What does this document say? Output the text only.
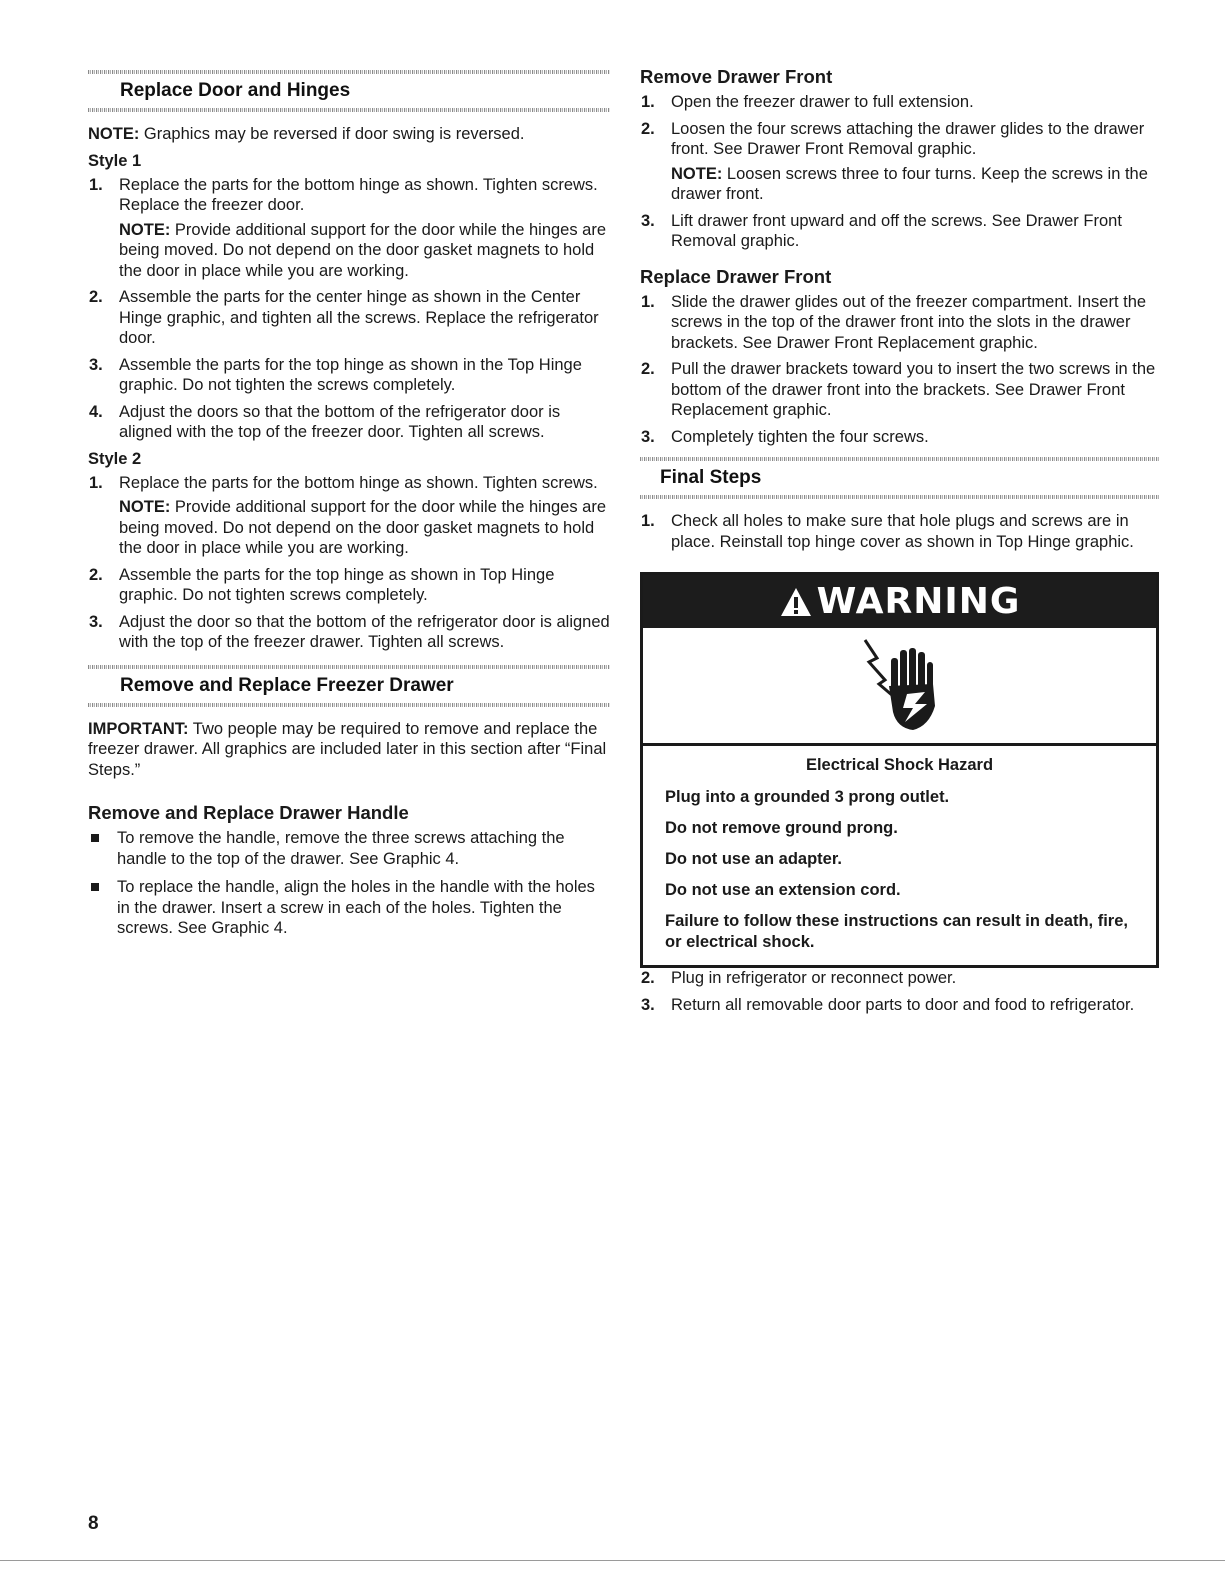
Replace Door and Hinges

NOTE: Graphics may be reversed if door swing is reversed.

Style 1
1. Replace the parts for the bottom hinge as shown. Tighten screws. Replace the freezer door.
NOTE: Provide additional support for the door while the hinges are being moved. Do not depend on the door gasket magnets to hold the door in place while you are working.
2. Assemble the parts for the center hinge as shown in the Center Hinge graphic, and tighten all the screws. Replace the refrigerator door.
3. Assemble the parts for the top hinge as shown in the Top Hinge graphic. Do not tighten the screws completely.
4. Adjust the doors so that the bottom of the refrigerator door is aligned with the top of the freezer door. Tighten all screws.
Style 2
1. Replace the parts for the bottom hinge as shown. Tighten screws.
NOTE: Provide additional support for the door while the hinges are being moved. Do not depend on the door gasket magnets to hold the door in place while you are working.
2. Assemble the parts for the top hinge as shown in Top Hinge graphic. Do not tighten screws completely.
3. Adjust the door so that the bottom of the refrigerator door is aligned with the top of the freezer drawer. Tighten all screws.
Remove and Replace Freezer Drawer

IMPORTANT: Two people may be required to remove and replace the freezer drawer. All graphics are included later in this section after “Final Steps.”

Remove and Replace Drawer Handle
To remove the handle, remove the three screws attaching the handle to the top of the drawer. See Graphic 4.
To replace the handle, align the holes in the handle with the holes in the drawer. Insert a screw in each of the holes. Tighten the screws. See Graphic 4.
Remove Drawer Front
1. Open the freezer drawer to full extension.
2. Loosen the four screws attaching the drawer glides to the drawer front. See Drawer Front Removal graphic.
NOTE: Loosen screws three to four turns. Keep the screws in the drawer front.
3. Lift drawer front upward and off the screws. See Drawer Front Removal graphic.
Replace Drawer Front
1. Slide the drawer glides out of the freezer compartment. Insert the screws in the top of the drawer front into the slots in the drawer brackets. See Drawer Front Replacement graphic.
2. Pull the drawer brackets toward you to insert the two screws in the bottom of the drawer front into the brackets. See Drawer Front Replacement graphic.
3. Completely tighten the four screws.
Final Steps
1. Check all holes to make sure that hole plugs and screws are in place. Reinstall top hinge cover as shown in Top Hinge graphic.
WARNING
Electrical Shock Hazard
Plug into a grounded 3 prong outlet.
Do not remove ground prong.
Do not use an adapter.
Do not use an extension cord.
Failure to follow these instructions can result in death, fire, or electrical shock.
2. Plug in refrigerator or reconnect power.
3. Return all removable door parts to door and food to refrigerator.
8
